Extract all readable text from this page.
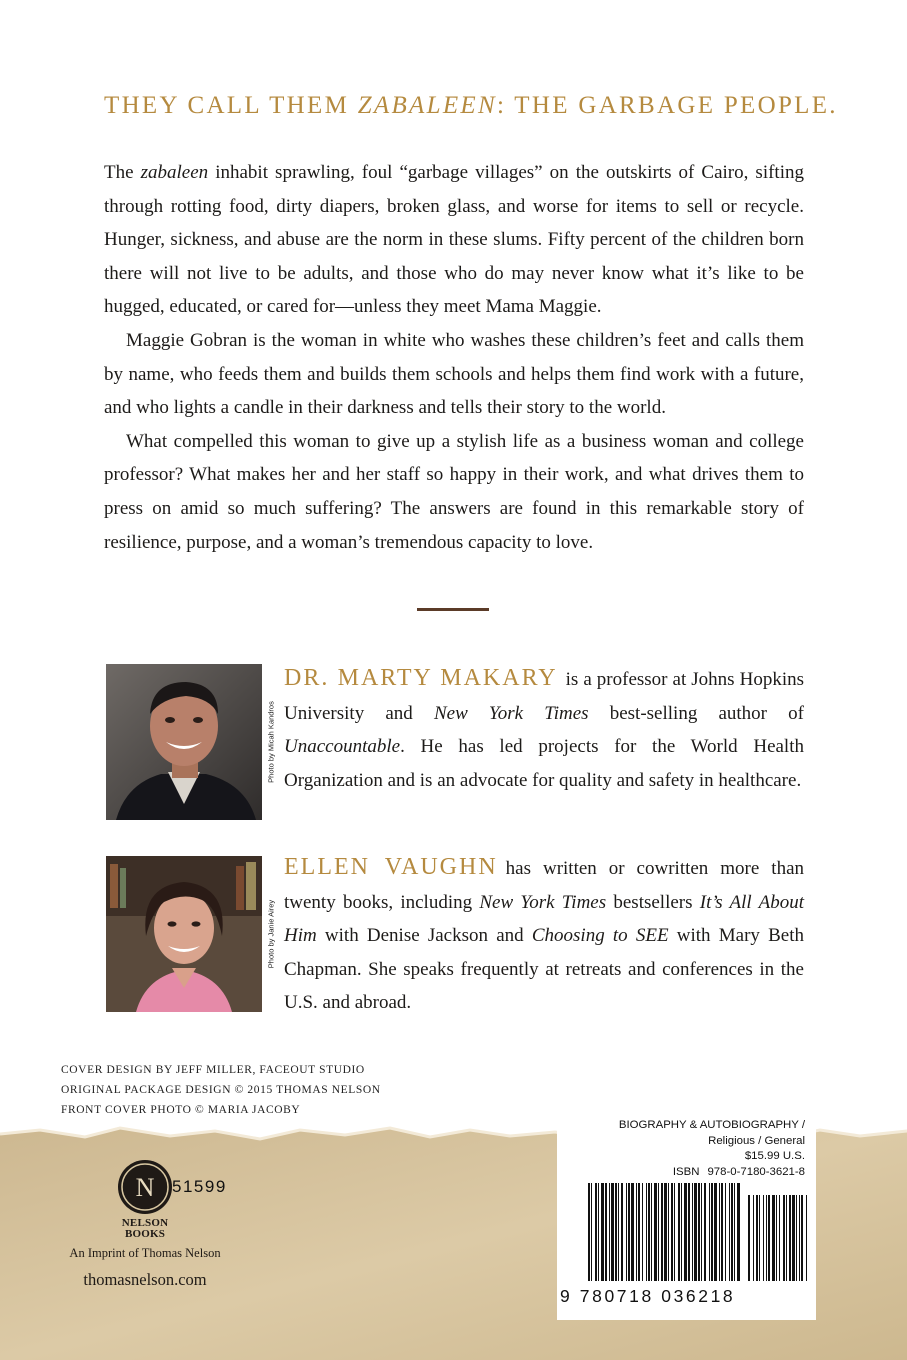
THEY CALL THEM ZABALEEN: THE GARBAGE PEOPLE.

The zabaleen inhabit sprawling, foul “garbage villages” on the outskirts of Cairo, sifting through rotting food, dirty diapers, broken glass, and worse for items to sell or recycle. Hunger, sickness, and abuse are the norm in these slums. Fifty percent of the children born there will not live to be adults, and those who do may never know what it’s like to be hugged, educated, or cared for—unless they meet Mama Maggie.

Maggie Gobran is the woman in white who washes these children’s feet and calls them by name, who feeds them and builds them schools and helps them find work with a future, and who lights a candle in their darkness and tells their story to the world.

What compelled this woman to give up a stylish life as a business woman and college professor? What makes her and her staff so happy in their work, and what drives them to press on amid so much suffering? The answers are found in this remarkable story of resilience, purpose, and a woman’s tremendous capacity to love.

Photo by Micah Kandros
DR. MARTY MAKARY is a professor at Johns Hopkins University and New York Times best-selling author of Unaccountable. He has led projects for the World Health Organization and is an advocate for quality and safety in healthcare.
Photo by Janie Airey
ELLEN VAUGHN has written or cowritten more than twenty books, including New York Times bestsellers It’s All About Him with Denise Jackson and Choosing to SEE with Mary Beth Chapman. She speaks frequently at retreats and conferences in the U.S. and abroad.
COVER DESIGN BY JEFF MILLER, FACEOUT STUDIO
ORIGINAL PACKAGE DESIGN © 2015 THOMAS NELSON
FRONT COVER PHOTO © MARIA JACOBY
N
NELSON
BOOKS
An Imprint of Thomas Nelson
thomasnelson.com
BIOGRAPHY & AUTOBIOGRAPHY /
Religious / General
$15.99 U.S.
ISBN 978-0-7180-3621-8
51599
9 780718 036218
